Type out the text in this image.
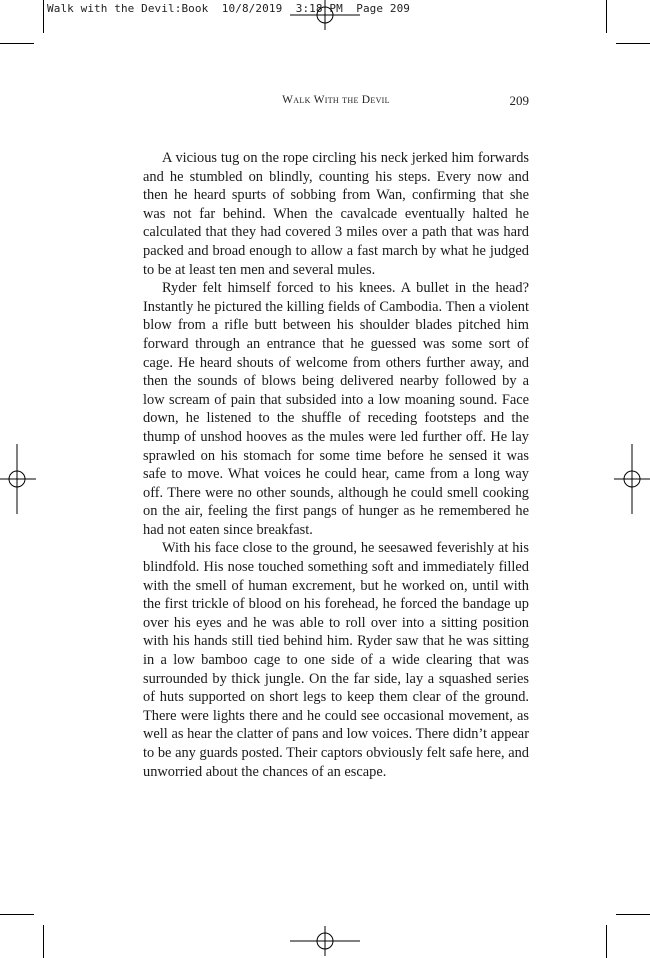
Walk with the Devil:Book  10/8/2019  3:18 PM  Page 209
Walk With the Devil	209

A vicious tug on the rope circling his neck jerked him forwards and he stumbled on blindly, counting his steps. Every now and then he heard spurts of sobbing from Wan, confirming that she was not far behind. When the cavalcade eventually halted he calculated that they had covered 3 miles over a path that was hard packed and broad enough to allow a fast march by what he judged to be at least ten men and several mules.

Ryder felt himself forced to his knees. A bullet in the head? Instantly he pictured the killing fields of Cambodia. Then a violent blow from a rifle butt between his shoulder blades pitched him forward through an entrance that he guessed was some sort of cage. He heard shouts of welcome from others further away, and then the sounds of blows being delivered nearby followed by a low scream of pain that subsided into a low moaning sound. Face down, he listened to the shuffle of receding footsteps and the thump of unshod hooves as the mules were led further off. He lay sprawled on his stomach for some time before he sensed it was safe to move. What voices he could hear, came from a long way off. There were no other sounds, although he could smell cooking on the air, feeling the first pangs of hunger as he remembered he had not eaten since breakfast.

With his face close to the ground, he seesawed feverishly at his blindfold. His nose touched something soft and immediately filled with the smell of human excrement, but he worked on, until with the first trickle of blood on his forehead, he forced the bandage up over his eyes and he was able to roll over into a sitting position with his hands still tied behind him. Ryder saw that he was sitting in a low bamboo cage to one side of a wide clearing that was surrounded by thick jungle. On the far side, lay a squashed series of huts supported on short legs to keep them clear of the ground. There were lights there and he could see occasional movement, as well as hear the clatter of pans and low voices. There didn’t appear to be any guards posted. Their captors obviously felt safe here, and unworried about the chances of an escape.
